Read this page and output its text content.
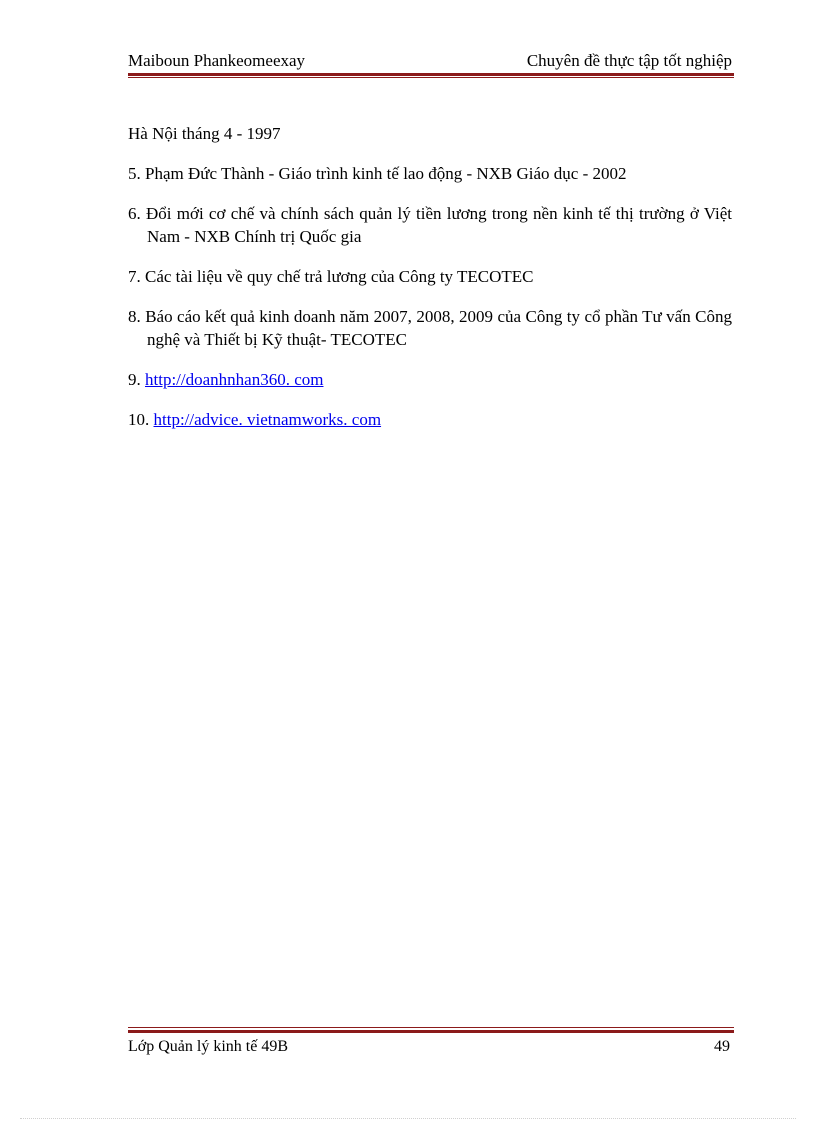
Maiboun Phankeomeexay	Chuyên đề thực tập tốt nghiệp

Hà Nội tháng 4 - 1997

5. Phạm Đức Thành - Giáo trình kinh tế lao động - NXB Giáo dục - 2002

6. Đổi mới cơ chế và chính sách quản lý tiền lương trong nền kinh tế thị trường ở Việt Nam - NXB Chính trị Quốc gia

7. Các tài liệu về quy chế trả lương của Công ty TECOTEC

8. Báo cáo kết quả kinh doanh năm 2007, 2008, 2009 của Công ty cổ phần Tư vấn Công nghệ và Thiết bị Kỹ thuật- TECOTEC

9. http://doanhnhan360. com

10. http://advice. vietnamworks. com

Lớp Quản lý kinh tế 49B	49
